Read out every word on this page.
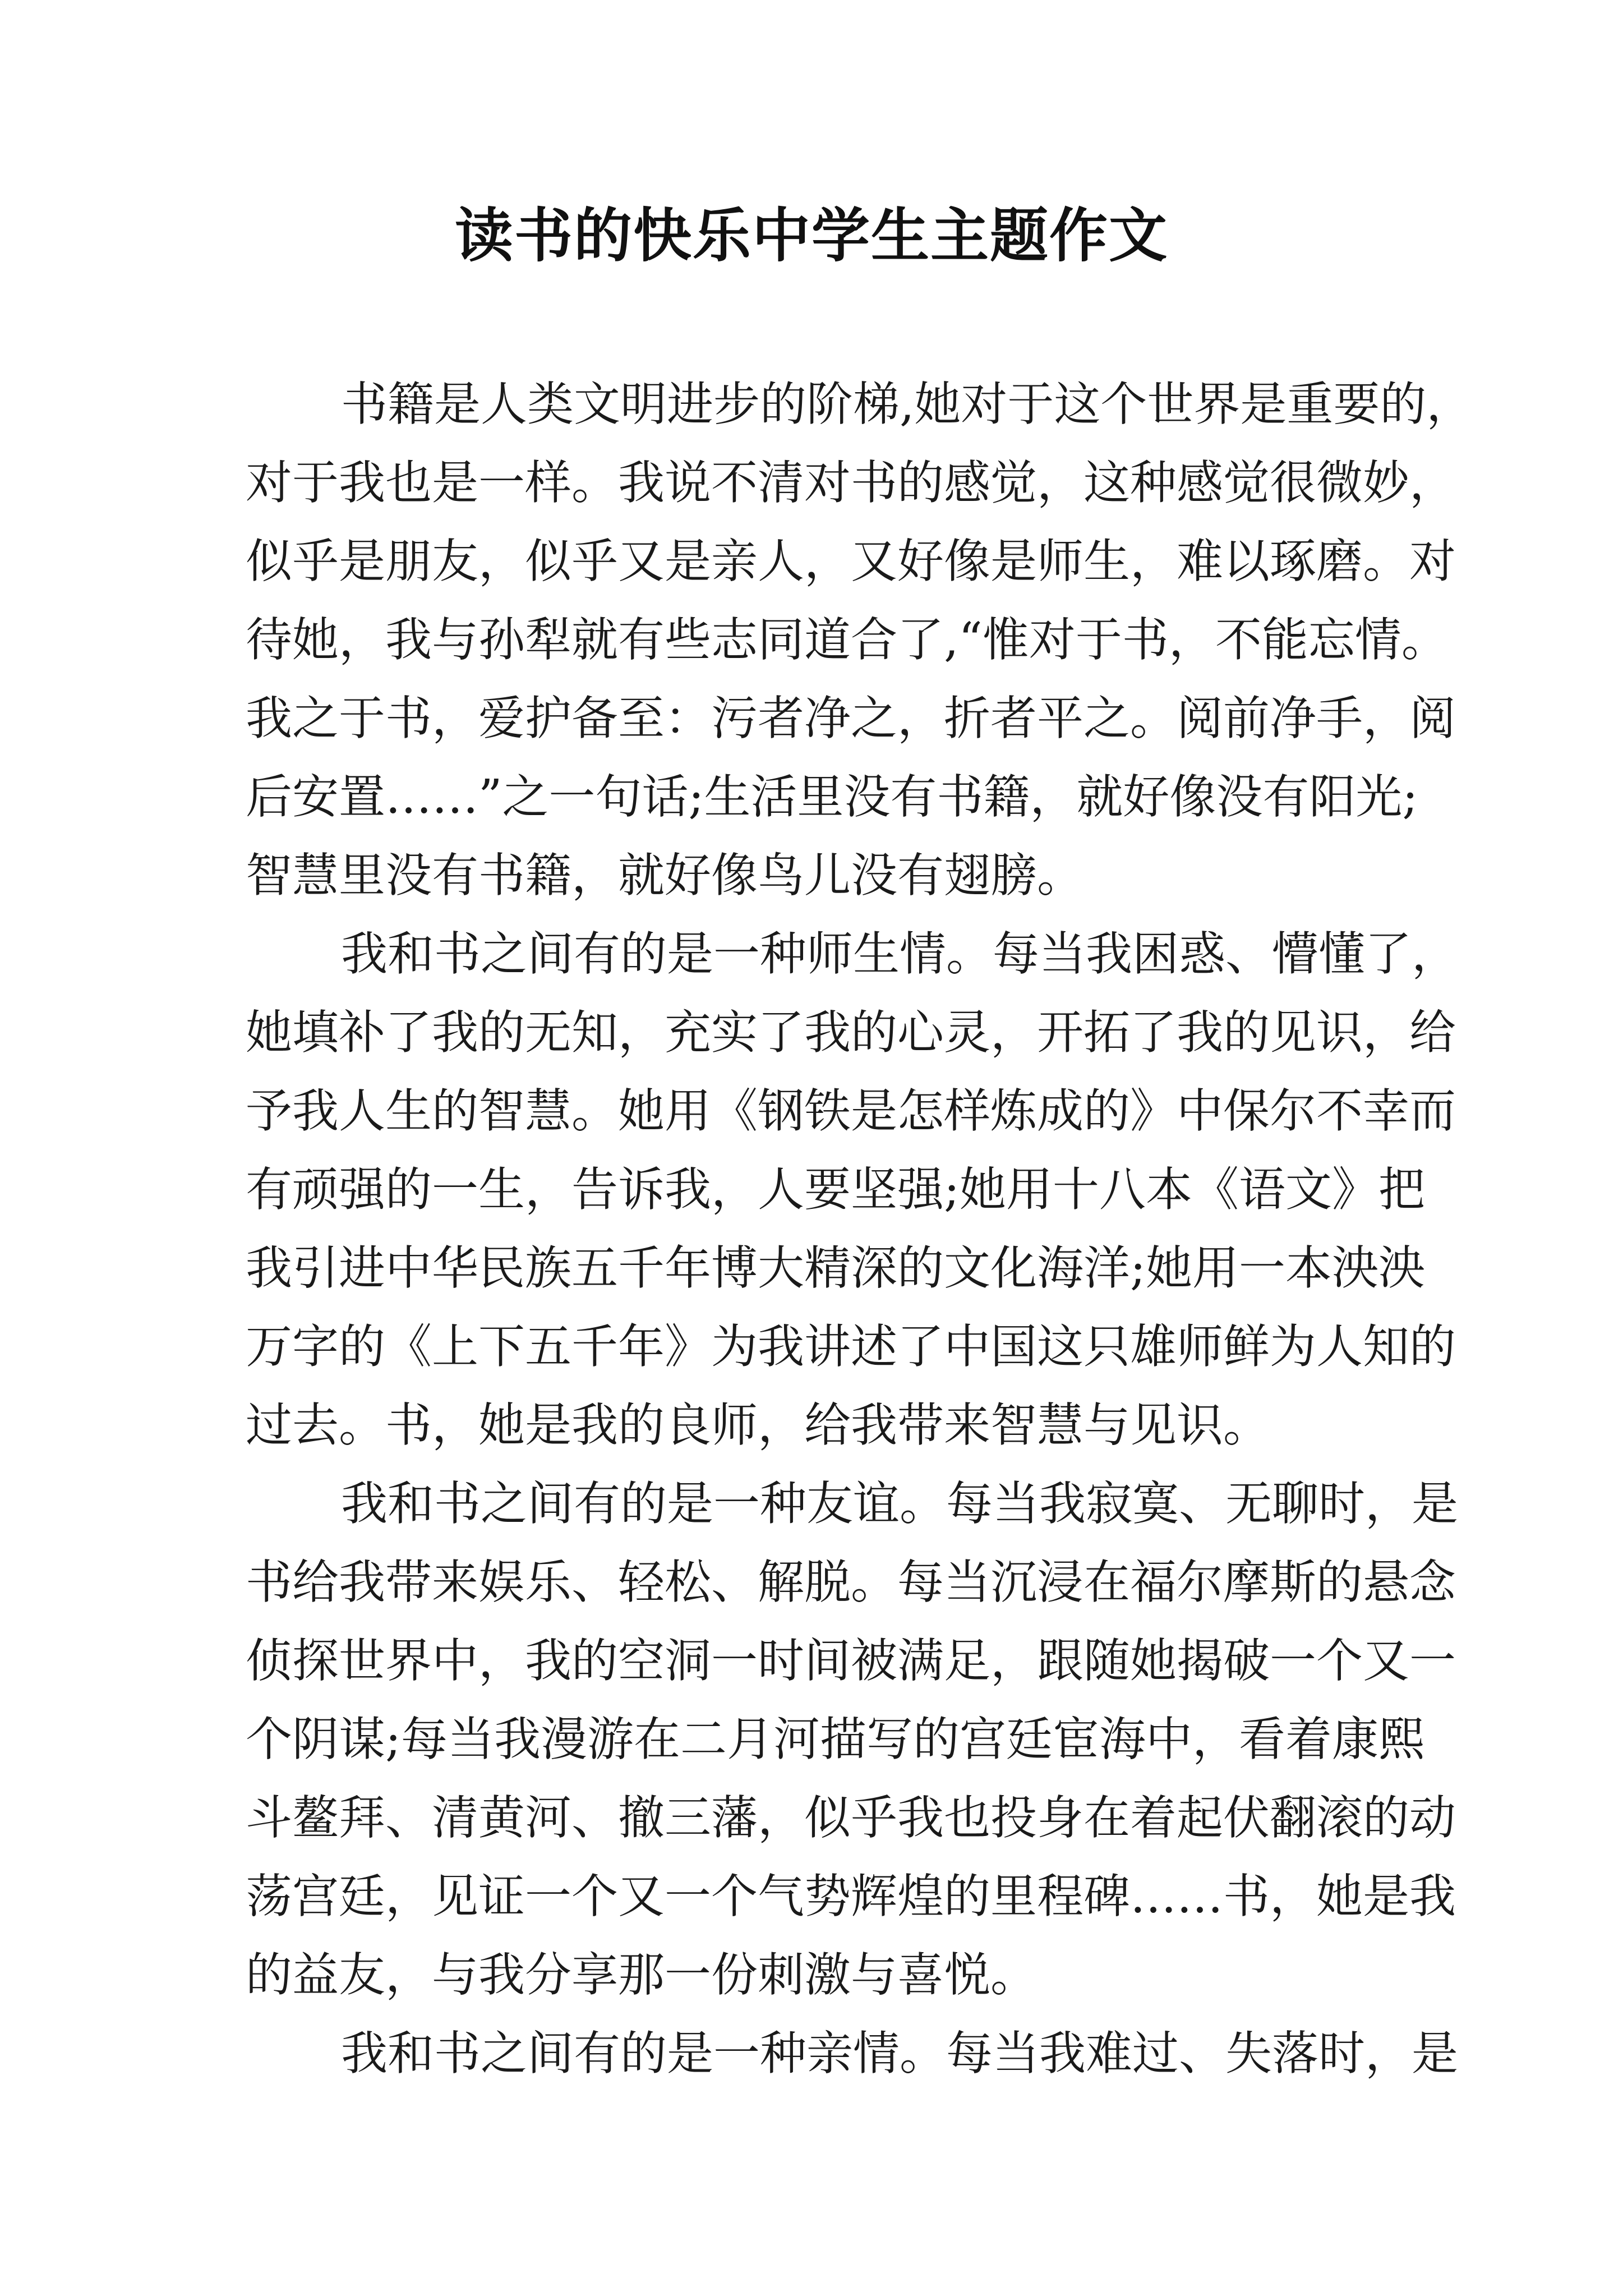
读书的快乐中学生主题作文
书籍是人类文明进步的阶梯,她对于这个世界是重要的，
对于我也是一样。我说不清对书的感觉，这种感觉很微妙，
似乎是朋友，似乎又是亲人，又好像是师生，难以琢磨。对
待她，我与孙犁就有些志同道合了,“惟对于书，不能忘情。
我之于书，爱护备至：污者净之，折者平之。阅前净手，阅
后安置……”之一句话;生活里没有书籍，就好像没有阳光;
智慧里没有书籍，就好像鸟儿没有翅膀。
我和书之间有的是一种师生情。每当我困惑、懵懂了，
她填补了我的无知，充实了我的心灵，开拓了我的见识，给
予我人生的智慧。她用《钢铁是怎样炼成的》中保尔不幸而
有顽强的一生，告诉我，人要坚强;她用十八本《语文》把
我引进中华民族五千年博大精深的文化海洋;她用一本泱泱
万字的《上下五千年》为我讲述了中国这只雄师鲜为人知的
过去。书，她是我的良师，给我带来智慧与见识。
我和书之间有的是一种友谊。每当我寂寞、无聊时，是
书给我带来娱乐、轻松、解脱。每当沉浸在福尔摩斯的悬念
侦探世界中，我的空洞一时间被满足，跟随她揭破一个又一
个阴谋;每当我漫游在二月河描写的宫廷宦海中，看着康熙
斗鳌拜、清黄河、撤三藩，似乎我也投身在着起伏翻滚的动
荡宫廷，见证一个又一个气势辉煌的里程碑……书，她是我
的益友，与我分享那一份刺激与喜悦。
我和书之间有的是一种亲情。每当我难过、失落时，是
